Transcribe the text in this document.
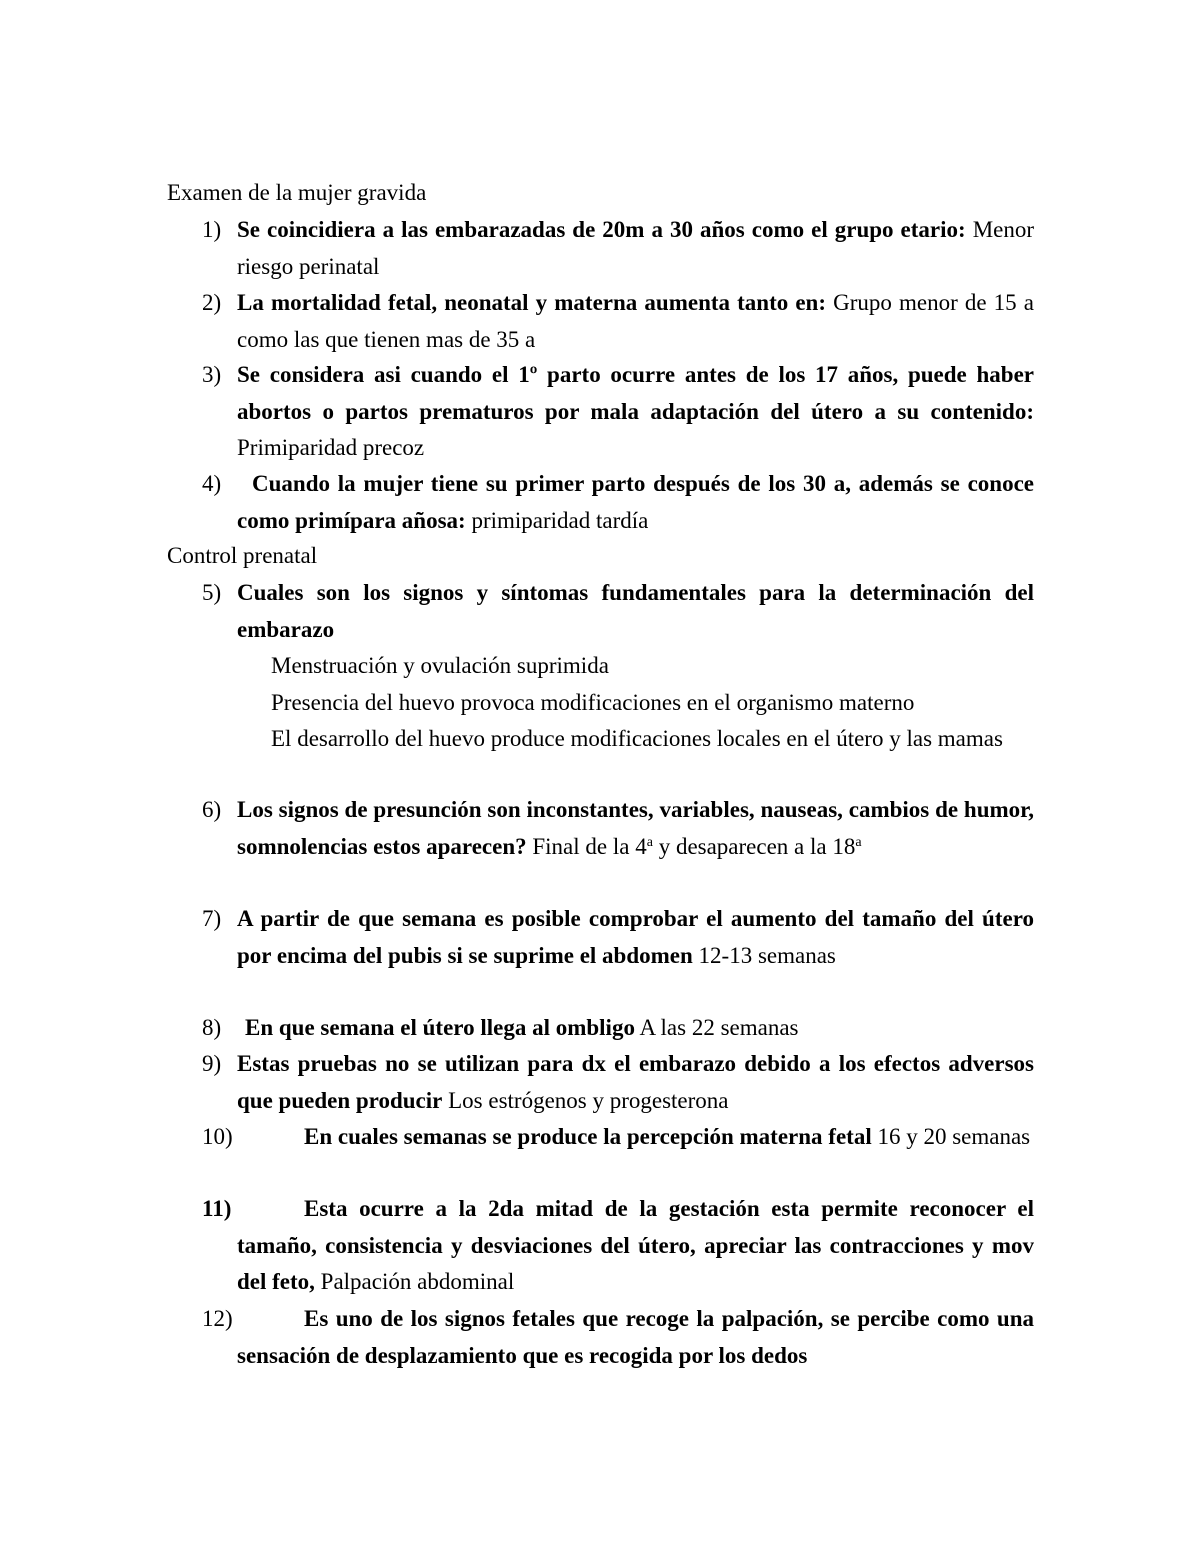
Examen de la mujer gravida
1) Se coincidiera a las embarazadas de 20m a 30 años como el grupo etario: Menor riesgo perinatal
2) La mortalidad fetal, neonatal y materna aumenta tanto en: Grupo menor de 15 a como las que tienen mas de 35 a
3) Se considera asi cuando el 1º parto ocurre antes de los 17 años, puede haber abortos o partos prematuros por mala adaptación del útero a su contenido: Primiparidad precoz
4)	Cuando la mujer tiene su primer parto después de los 30 a, además se conoce como primípara añosa: primiparidad tardía
Control prenatal
5) Cuales son los signos y síntomas fundamentales para la determinación del embarazo
Menstruación y ovulación suprimida
Presencia del huevo provoca modificaciones en el organismo materno
El desarrollo del huevo produce modificaciones locales en el útero y las mamas
6) Los signos de presunción son inconstantes, variables, nauseas, cambios de humor, somnolencias estos aparecen? Final de la 4$^a$ y desaparecen a la 18$^a$
7) A partir de que semana es posible comprobar el aumento del tamaño del útero por encima del pubis si se suprime el abdomen 12-13 semanas
8)	En que semana el útero llega al ombligo A las 22 semanas
9) Estas pruebas no se utilizan para dx el embarazo debido a los efectos adversos que pueden producir Los estrógenos y progesterona
10)	En cuales semanas se produce la percepción materna fetal 16 y 20 semanas
11)	Esta ocurre a la 2da mitad de la gestación esta permite reconocer el tamaño, consistencia y desviaciones del útero, apreciar las contracciones y mov del feto, Palpación abdominal
12)	Es uno de los signos fetales que recoge la palpación, se percibe como una sensación de desplazamiento que es recogida por los dedos
